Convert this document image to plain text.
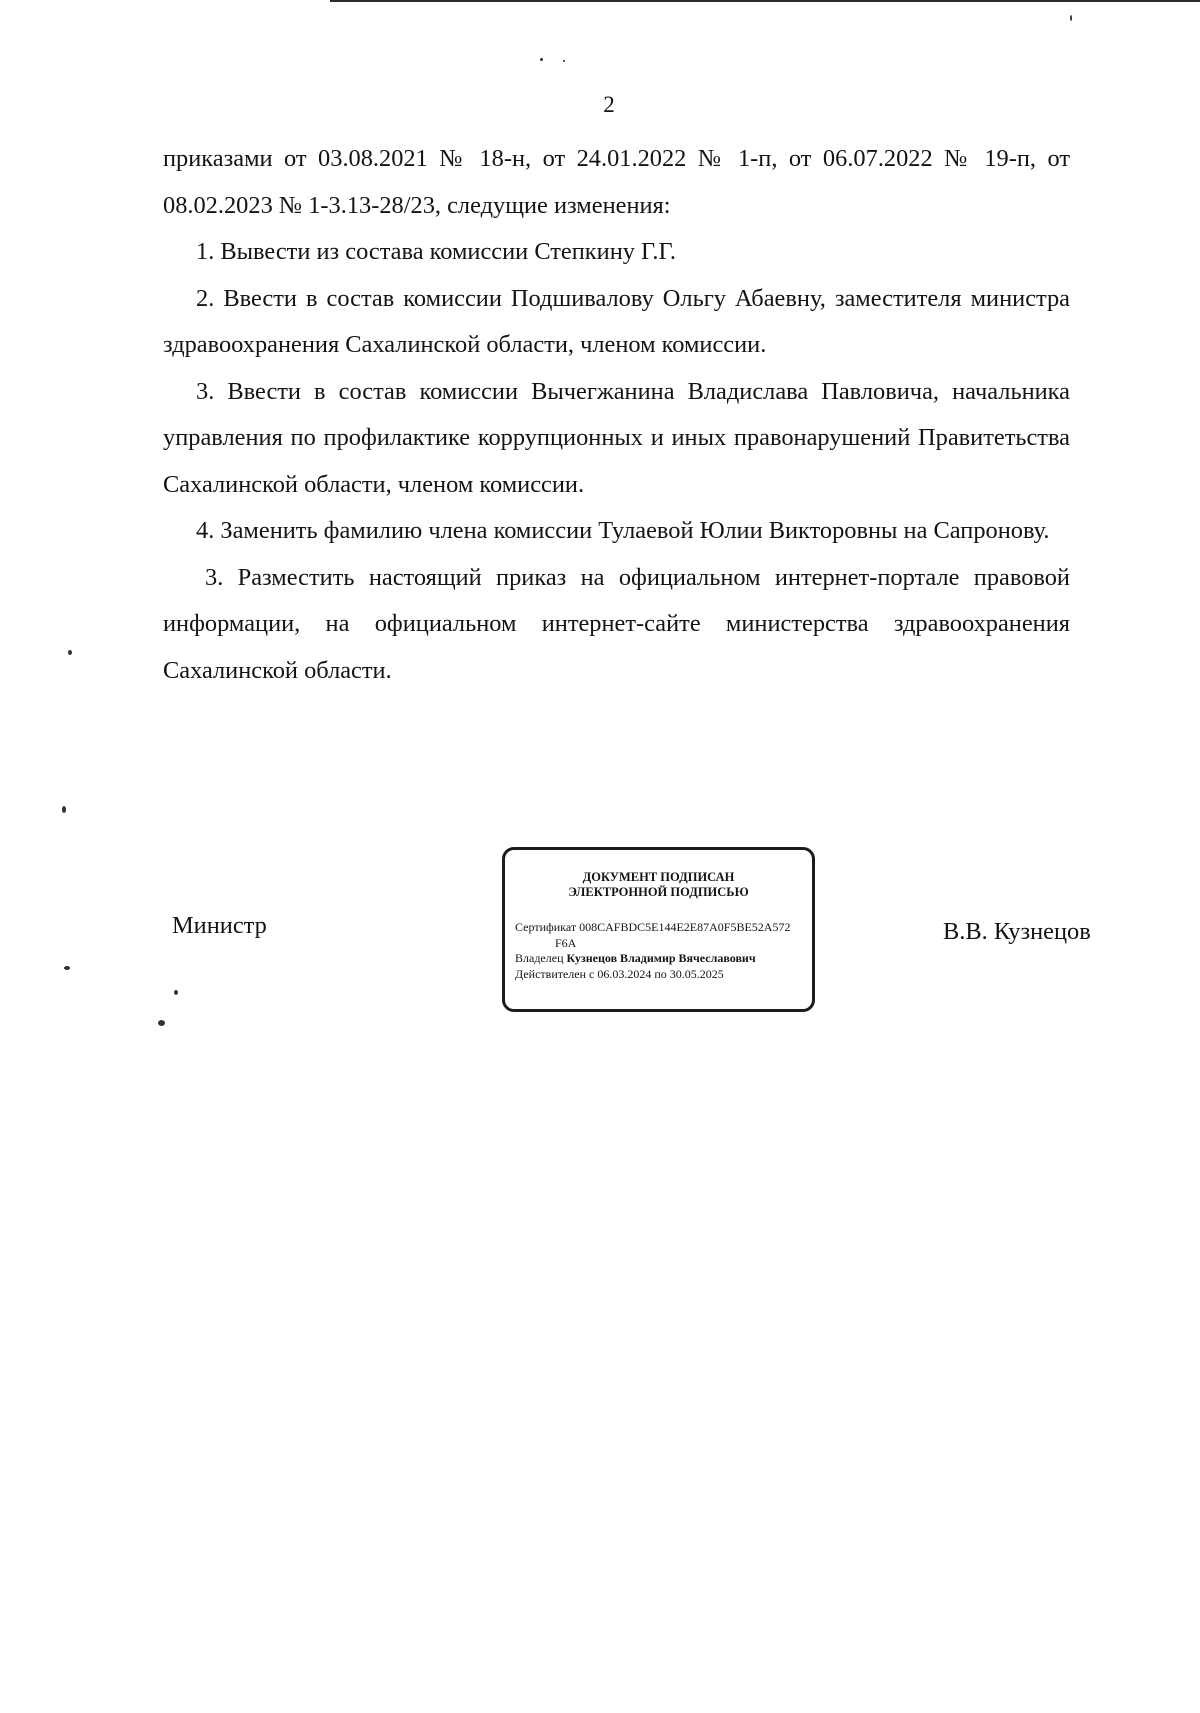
2

приказами от 03.08.2021 № 18-н, от 24.01.2022 № 1-п, от 06.07.2022 № 19-п, от 08.02.2023 № 1-3.13-28/23, следущие изменения:

1. Вывести из состава комиссии Степкину Г.Г.

2. Ввести в состав комиссии Подшивалову Ольгу Абаевну, заместителя министра здравоохранения Сахалинской области, членом комиссии.

3. Ввести в состав комиссии Вычегжанина Владислава Павловича, начальника управления по профилактике коррупционных и иных правонарушений Правитетьства Сахалинской области, членом комиссии.

4. Заменить фамилию члена комиссии Тулаевой Юлии Викторовны на Сапронову.

3. Разместить настоящий приказ на официальном интернет-портале правовой информации, на официальном интернет-сайте министерства здравоохранения Сахалинской области.

Министр
ДОКУМЕНТ ПОДПИСАН
ЭЛЕКТРОННОЙ ПОДПИСЬЮ
Сертификат 008CAFBDC5E144E2E87A0F5BE52A572
F6A
Владелец Кузнецов Владимир Вячеславович
Действителен с 06.03.2024 по 30.05.2025
В.В. Кузнецов
